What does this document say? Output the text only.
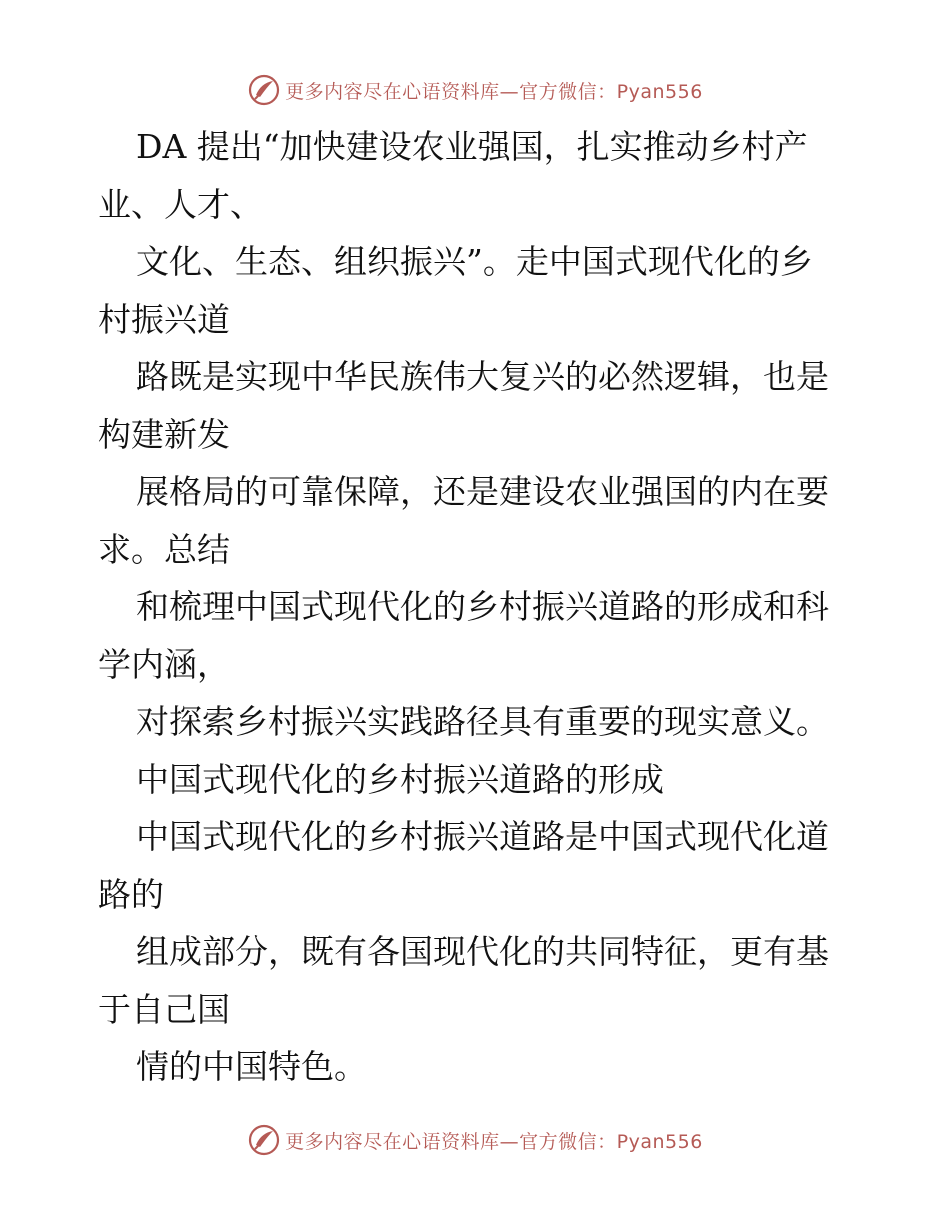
更多内容尽在心语资料库—官方微信：Pyan556

DA 提出“加快建设农业强国，扎实推动乡村产

业、人才、

文化、生态、组织振兴”。走中国式现代化的乡

村振兴道

路既是实现中华民族伟大复兴的必然逻辑，也是

构建新发

展格局的可靠保障，还是建设农业强国的内在要

求。总结

和梳理中国式现代化的乡村振兴道路的形成和科

学内涵，

对探索乡村振兴实践路径具有重要的现实意义。

中国式现代化的乡村振兴道路的形成

中国式现代化的乡村振兴道路是中国式现代化道

路的

组成部分，既有各国现代化的共同特征，更有基

于自己国

情的中国特色。

更多内容尽在心语资料库—官方微信：Pyan556
